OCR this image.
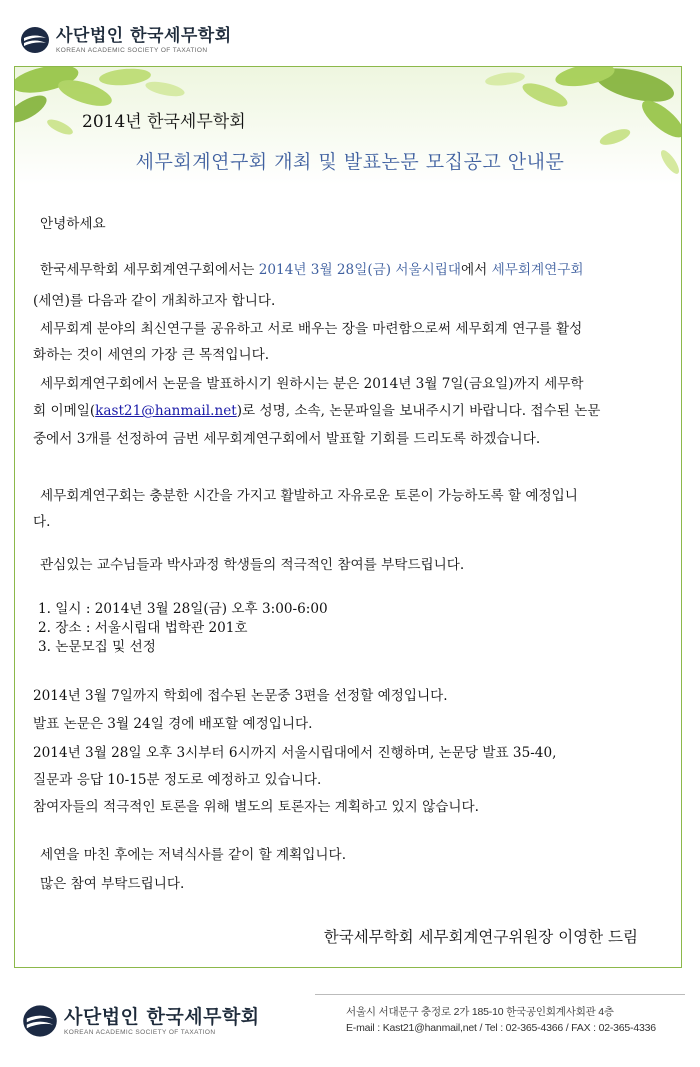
사단법인 한국세무학회
KOREAN ACADEMIC SOCIETY OF TAXATION
2014년 한국세무학회
세무회계연구회 개최 및 발표논문 모집공고 안내문
안녕하세요
한국세무학회 세무회계연구회에서는 2014년 3월 28일(금) 서울시립대에서 세무회계연구회
(세연)를 다음과 같이 개최하고자 합니다.
세무회계 분야의 최신연구를 공유하고 서로 배우는 장을 마련함으로써 세무회계 연구를 활성
화하는 것이 세연의 가장 큰 목적입니다.
세무회계연구회에서 논문을 발표하시기 원하시는 분은 2014년 3월 7일(금요일)까지 세무학
회 이메일(kast21@hanmail.net)로 성명, 소속, 논문파일을 보내주시기 바랍니다. 접수된 논문
중에서 3개를 선정하여 금번 세무회계연구회에서 발표할 기회를 드리도록 하겠습니다.
세무회계연구회는 충분한 시간을 가지고 활발하고 자유로운 토론이 가능하도록 할 예정입니
다.
관심있는 교수님들과 박사과정 학생들의 적극적인 참여를 부탁드립니다.
1. 일시 : 2014년 3월 28일(금) 오후 3:00-6:00
2. 장소 : 서울시립대 법학관 201호
3. 논문모집 및 선정
2014년 3월 7일까지 학회에 접수된 논문중 3편을 선정할 예정입니다.
발표 논문은 3월 24일 경에 배포할 예정입니다.
2014년 3월 28일 오후 3시부터 6시까지 서울시립대에서 진행하며, 논문당 발표 35-40,
질문과 응답 10-15분 정도로 예정하고 있습니다.
참여자들의 적극적인 토론을 위해 별도의 토론자는 계획하고 있지 않습니다.
세연을 마친 후에는 저녁식사를 같이 할 계획입니다.
많은 참여 부탁드립니다.
한국세무학회 세무회계연구위원장 이영한 드림
사단법인 한국세무학회
KOREAN ACADEMIC SOCIETY OF TAXATION
서울시 서대문구 충정로 2가 185-10 한국공인회계사회관 4층
E-mail : Kast21@hanmail,net / Tel : 02-365-4366 / FAX : 02-365-4336
